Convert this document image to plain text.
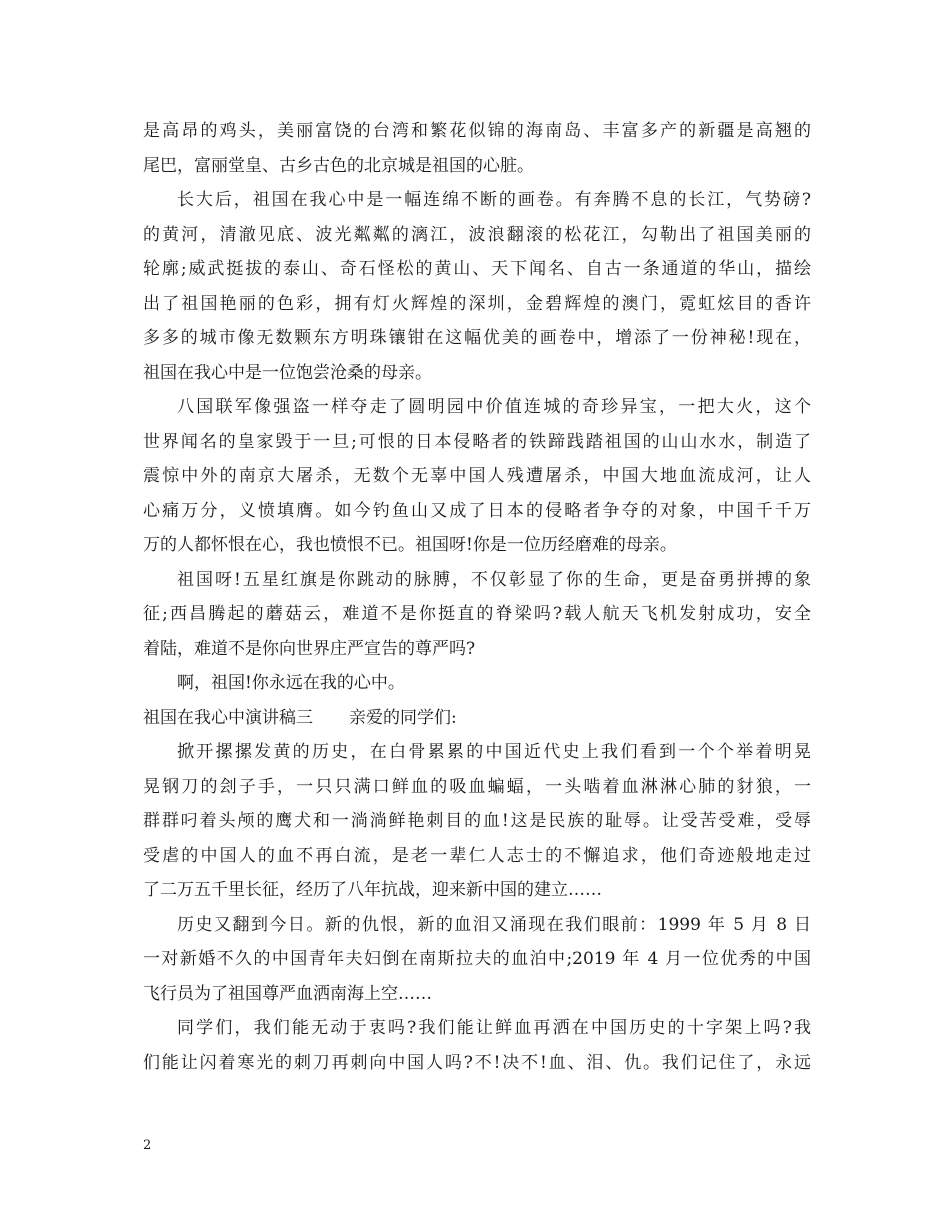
是高昂的鸡头，美丽富饶的台湾和繁花似锦的海南岛、丰富多产的新疆是高翘的
尾巴，富丽堂皇、古乡古色的北京城是祖国的心脏。
长大后，祖国在我心中是一幅连绵不断的画卷。有奔腾不息的长江，气势磅?
的黄河，清澈见底、波光粼粼的漓江，波浪翻滚的松花江，勾勒出了祖国美丽的
轮廓;威武挺拔的泰山、奇石怪松的黄山、天下闻名、自古一条通道的华山，描绘
出了祖国艳丽的色彩，拥有灯火辉煌的深圳，金碧辉煌的澳门，霓虹炫目的香许
多多的城市像无数颗东方明珠镶钳在这幅优美的画卷中，增添了一份神秘!现在，
祖国在我心中是一位饱尝沧桑的母亲。
八国联军像强盗一样夺走了圆明园中价值连城的奇珍异宝，一把大火，这个
世界闻名的皇家毁于一旦;可恨的日本侵略者的铁蹄践踏祖国的山山水水，制造了
震惊中外的南京大屠杀，无数个无辜中国人残遭屠杀，中国大地血流成河，让人
心痛万分，义愤填膺。如今钓鱼山又成了日本的侵略者争夺的对象，中国千千万
万的人都怀恨在心，我也愤恨不已。祖国呀!你是一位历经磨难的母亲。
祖国呀!五星红旗是你跳动的脉膊，不仅彰显了你的生命，更是奋勇拼搏的象
征;西昌腾起的蘑菇云，难道不是你挺直的脊梁吗?载人航天飞机发射成功，安全
着陆，难道不是你向世界庄严宣告的尊严吗?
啊，祖国!你永远在我的心中。
祖国在我心中演讲稿三 亲爱的同学们:
掀开摞摞发黄的历史，在白骨累累的中国近代史上我们看到一个个举着明晃
晃钢刀的刽子手，一只只满口鲜血的吸血蝙蝠，一头啮着血淋淋心肺的豺狼，一
群群叼着头颅的鹰犬和一淌淌鲜艳刺目的血!这是民族的耻辱。让受苦受难，受辱
受虐的中国人的血不再白流，是老一辈仁人志士的不懈追求，他们奇迹般地走过
了二万五千里长征，经历了八年抗战，迎来新中国的建立……
历史又翻到今日。新的仇恨，新的血泪又涌现在我们眼前：1999 年 5 月 8 日
一对新婚不久的中国青年夫妇倒在南斯拉夫的血泊中;2019 年 4 月一位优秀的中国
飞行员为了祖国尊严血洒南海上空……
同学们，我们能无动于衷吗?我们能让鲜血再洒在中国历史的十字架上吗?我
们能让闪着寒光的刺刀再刺向中国人吗?不!决不!血、泪、仇。我们记住了，永远
2
